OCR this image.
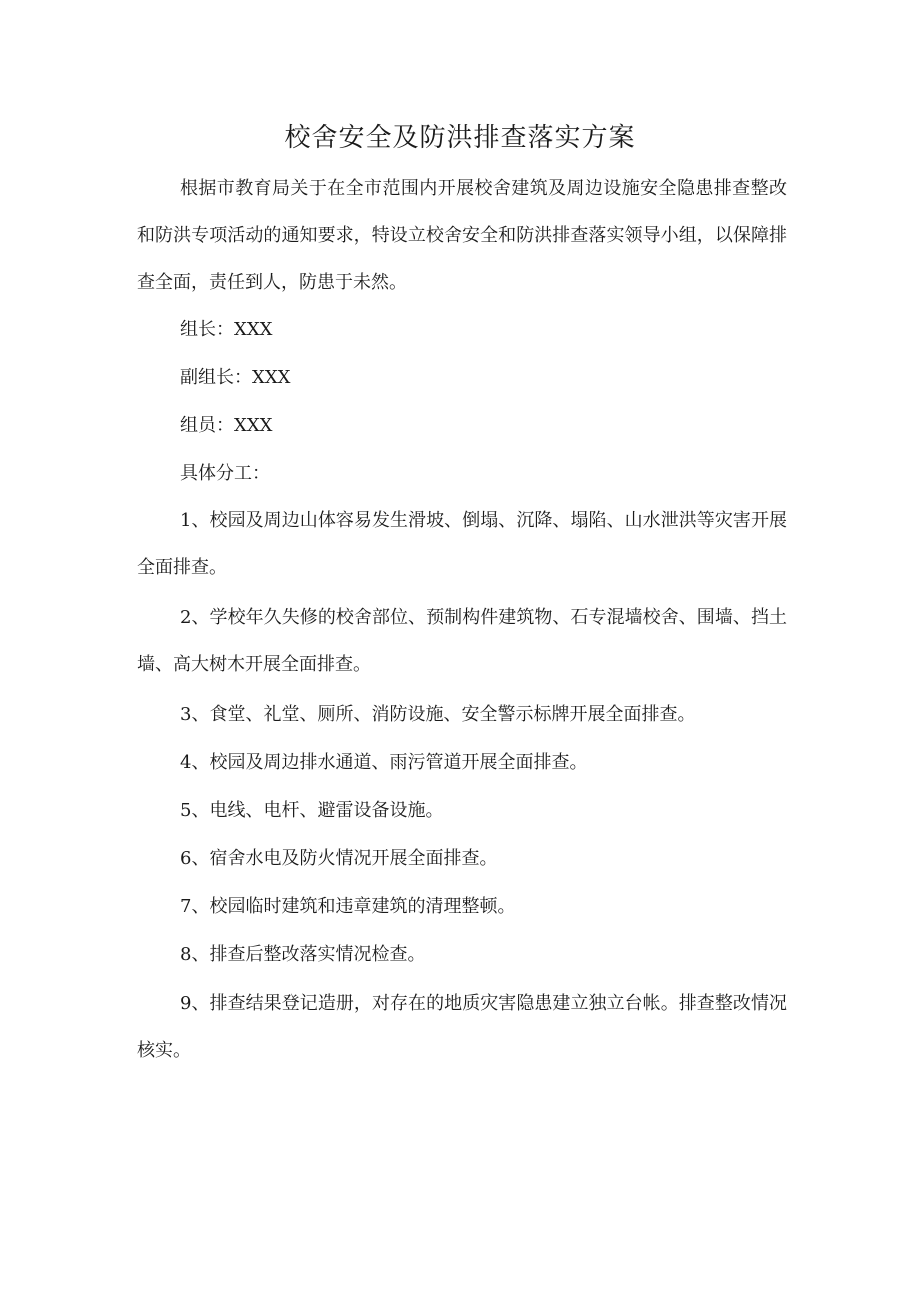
校舍安全及防洪排查落实方案
根据市教育局关于在全市范围内开展校舍建筑及周边设施安全隐患排查整改和防洪专项活动的通知要求，特设立校舍安全和防洪排查落实领导小组，以保障排查全面，责任到人，防患于未然。
组长：XXX
副组长：XXX
组员：XXX
具体分工：
1、校园及周边山体容易发生滑坡、倒塌、沉降、塌陷、山水泄洪等灾害开展全面排查。
2、学校年久失修的校舍部位、预制构件建筑物、石专混墙校舍、围墙、挡土墙、高大树木开展全面排查。
3、食堂、礼堂、厕所、消防设施、安全警示标牌开展全面排查。
4、校园及周边排水通道、雨污管道开展全面排查。
5、电线、电杆、避雷设备设施。
6、宿舍水电及防火情况开展全面排查。
7、校园临时建筑和违章建筑的清理整顿。
8、排查后整改落实情况检查。
9、排查结果登记造册，对存在的地质灾害隐患建立独立台帐。排查整改情况核实。
